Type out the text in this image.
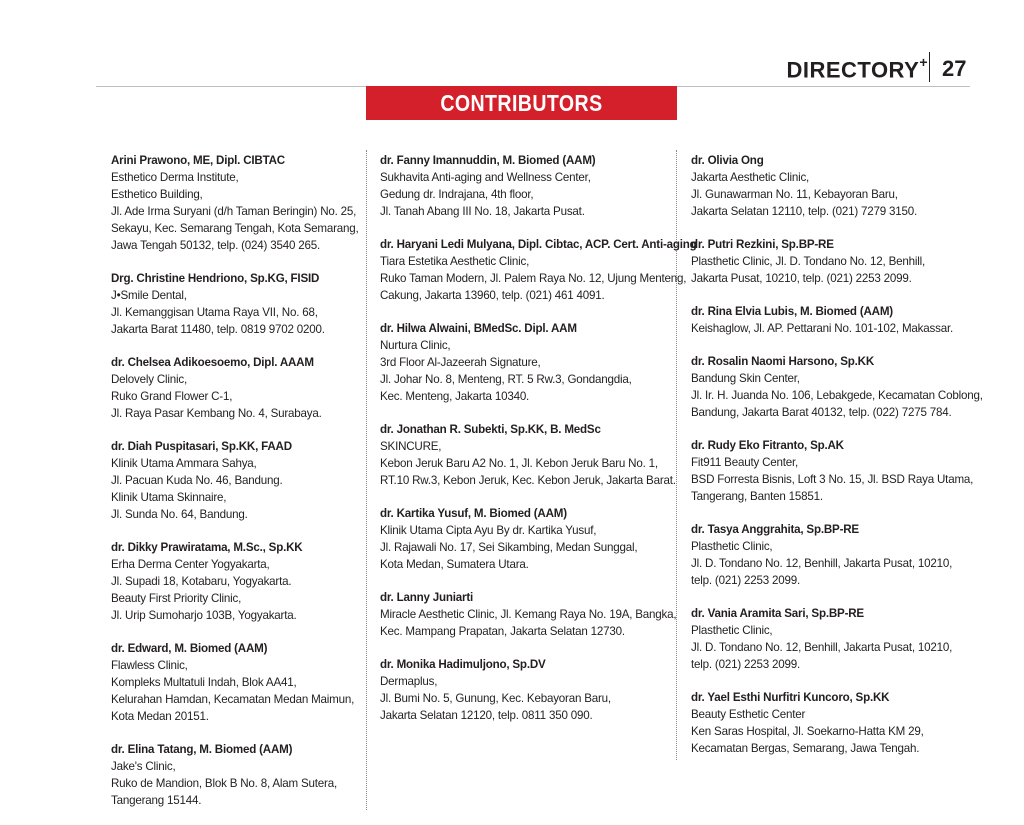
DIRECTORY+ 27
CONTRIBUTORS
Arini Prawono, ME, Dipl. CIBTAC
Esthetico Derma Institute,
Esthetico Building,
Jl. Ade Irma Suryani (d/h Taman Beringin) No. 25,
Sekayu, Kec. Semarang Tengah, Kota Semarang,
Jawa Tengah 50132, telp. (024) 3540 265.
Drg. Christine Hendriono, Sp.KG, FISID
J•Smile Dental,
Jl. Kemanggisan Utama Raya VII, No. 68,
Jakarta Barat 11480, telp. 0819 9702 0200.
dr. Chelsea Adikoesoemo, Dipl. AAAM
Delovely Clinic,
Ruko Grand Flower C-1,
Jl. Raya Pasar Kembang No. 4, Surabaya.
dr. Diah Puspitasari, Sp.KK, FAAD
Klinik Utama Ammara Sahya,
Jl. Pacuan Kuda No. 46, Bandung.
Klinik Utama Skinnaire,
Jl. Sunda No. 64, Bandung.
dr. Dikky Prawiratama, M.Sc., Sp.KK
Erha Derma Center Yogyakarta,
Jl. Supadi 18, Kotabaru, Yogyakarta.
Beauty First Priority Clinic,
Jl. Urip Sumoharjo 103B, Yogyakarta.
dr. Edward, M. Biomed (AAM)
Flawless Clinic,
Kompleks Multatuli Indah, Blok AA41,
Kelurahan Hamdan, Kecamatan Medan Maimun,
Kota Medan 20151.
dr. Elina Tatang, M. Biomed (AAM)
Jake's Clinic,
Ruko de Mandion, Blok B No. 8, Alam Sutera,
Tangerang 15144.
dr. Fanny Imannuddin, M. Biomed (AAM)
Sukhavita Anti-aging and Wellness Center,
Gedung dr. Indrajana, 4th floor,
Jl. Tanah Abang III No. 18, Jakarta Pusat.
dr. Haryani Ledi Mulyana, Dipl. Cibtac, ACP. Cert. Anti-aging
Tiara Estetika Aesthetic Clinic,
Ruko Taman Modern, Jl. Palem Raya No. 12, Ujung Menteng,
Cakung, Jakarta 13960, telp. (021) 461 4091.
dr. Hilwa Alwaini, BMedSc. Dipl. AAM
Nurtura Clinic,
3rd Floor Al-Jazeerah Signature,
Jl. Johar No. 8, Menteng, RT. 5 Rw.3, Gondangdia,
Kec. Menteng, Jakarta 10340.
dr. Jonathan R. Subekti, Sp.KK, B. MedSc
SKINCURE,
Kebon Jeruk Baru A2 No. 1, Jl. Kebon Jeruk Baru No. 1,
RT.10 Rw.3, Kebon Jeruk, Kec. Kebon Jeruk, Jakarta Barat.
dr. Kartika Yusuf, M. Biomed (AAM)
Klinik Utama Cipta Ayu By dr. Kartika Yusuf,
Jl. Rajawali No. 17, Sei Sikambing, Medan Sunggal,
Kota Medan, Sumatera Utara.
dr. Lanny Juniarti
Miracle Aesthetic Clinic, Jl. Kemang Raya No. 19A, Bangka,
Kec. Mampang Prapatan, Jakarta Selatan 12730.
dr. Monika Hadimuljono, Sp.DV
Dermaplus,
Jl. Bumi No. 5, Gunung, Kec. Kebayoran Baru,
Jakarta Selatan 12120, telp. 0811 350 090.
dr. Olivia Ong
Jakarta Aesthetic Clinic,
Jl. Gunawarman No. 11, Kebayoran Baru,
Jakarta Selatan 12110, telp. (021) 7279 3150.
dr. Putri Rezkini, Sp.BP-RE
Plasthetic Clinic, Jl. D. Tondano No. 12, Benhill,
Jakarta Pusat, 10210, telp. (021) 2253 2099.
dr. Rina Elvia Lubis, M. Biomed (AAM)
Keishaglow, Jl. AP. Pettarani No. 101-102, Makassar.
dr. Rosalin Naomi Harsono, Sp.KK
Bandung Skin Center,
Jl. Ir. H. Juanda No. 106, Lebakgede, Kecamatan Coblong,
Bandung, Jakarta Barat 40132, telp. (022) 7275 784.
dr. Rudy Eko Fitranto, Sp.AK
Fit911 Beauty Center,
BSD Forresta Bisnis, Loft 3 No. 15, Jl. BSD Raya Utama,
Tangerang, Banten 15851.
dr. Tasya Anggrahita, Sp.BP-RE
Plasthetic Clinic,
Jl. D. Tondano No. 12, Benhill, Jakarta Pusat, 10210,
telp. (021) 2253 2099.
dr. Vania Aramita Sari, Sp.BP-RE
Plasthetic Clinic,
Jl. D. Tondano No. 12, Benhill, Jakarta Pusat, 10210,
telp. (021) 2253 2099.
dr. Yael Esthi Nurfitri Kuncoro, Sp.KK
Beauty Esthetic Center
Ken Saras Hospital, Jl. Soekarno-Hatta KM 29,
Kecamatan Bergas, Semarang, Jawa Tengah.
